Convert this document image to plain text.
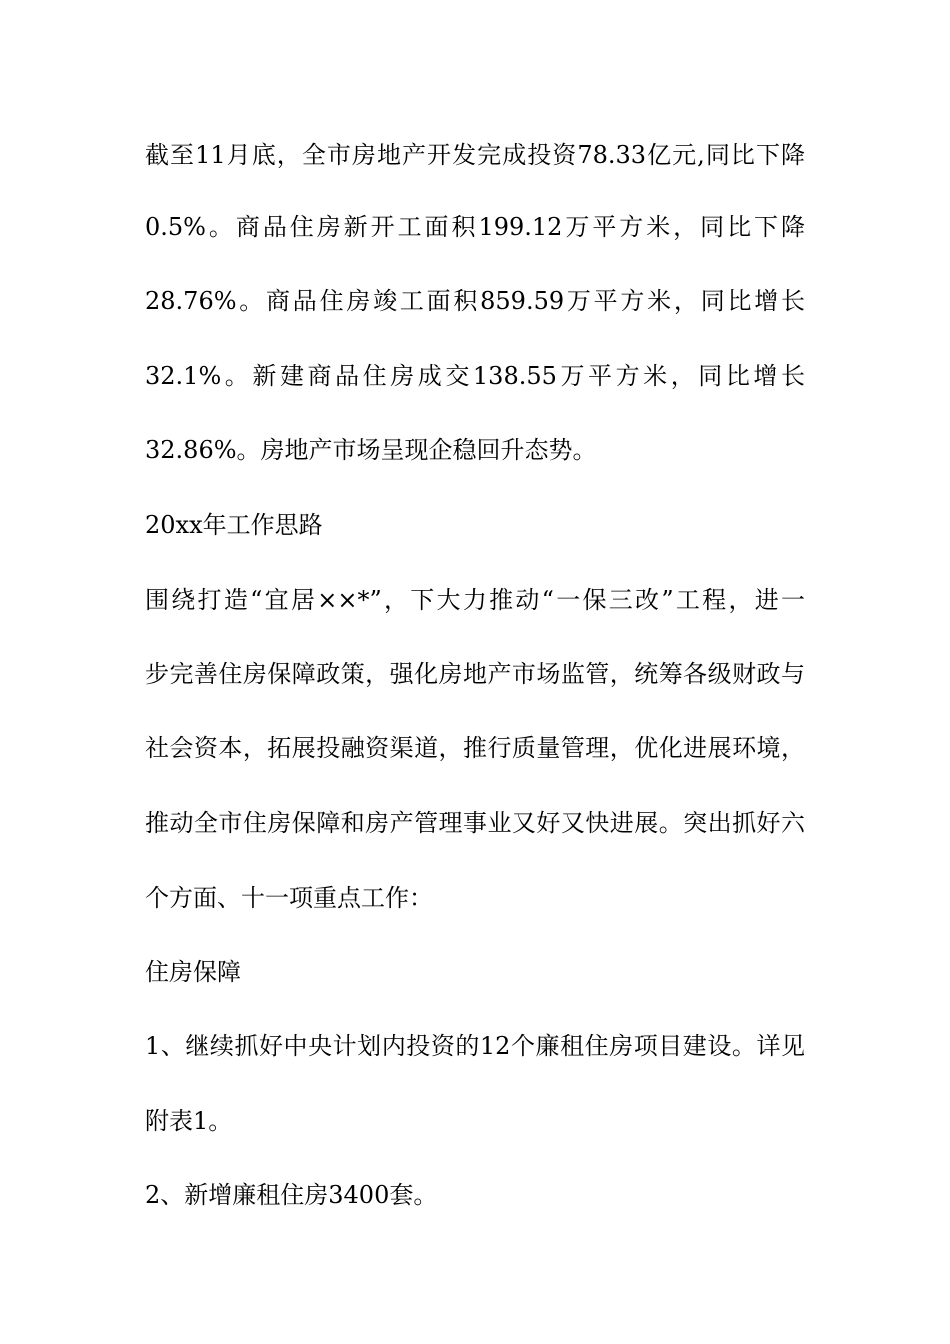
截至11月底，全市房地产开发完成投资78.33亿元,同比下降
0.5%。商品住房新开工面积199.12万平方米，同比下降
28.76%。商品住房竣工面积859.59万平方米，同比增长
32.1%。新建商品住房成交138.55万平方米，同比增长
32.86%。房地产市场呈现企稳回升态势。
20xx年工作思路
围绕打造“宜居××*”，下大力推动“一保三改”工程，进一
步完善住房保障政策，强化房地产市场监管，统筹各级财政与
社会资本，拓展投融资渠道，推行质量管理，优化进展环境，
推动全市住房保障和房产管理事业又好又快进展。突出抓好六
个方面、十一项重点工作：
住房保障
1、继续抓好中央计划内投资的12个廉租住房项目建设。详见
附表1。
2、新增廉租住房3400套。
